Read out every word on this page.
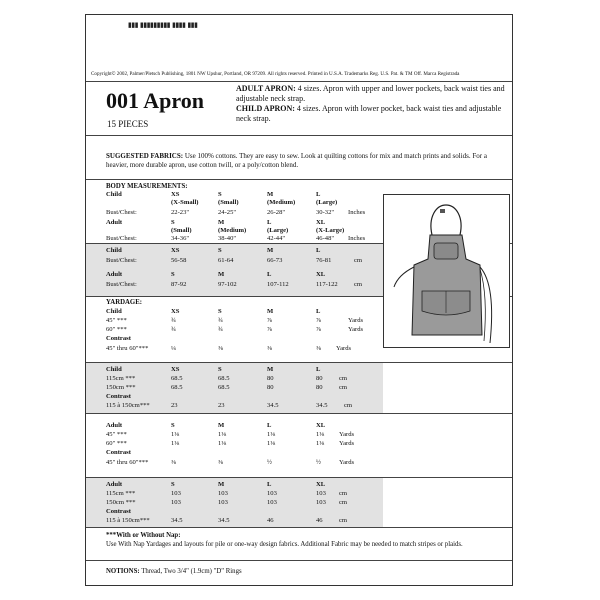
▮▮▮ ▮▮▮▮▮▮▮▮▮ ▮▮▮▮ ▮▮▮
Copyright© 2002, Palmer/Pletsch Publishing, 1801 NW Upshur, Portland, OR 97209. All rights reserved. Printed in U.S.A. Trademarks Reg. U.S. Pat. & TM Off. Marca Registrada
001 Apron
15 PIECES
ADULT APRON: 4 sizes. Apron with upper and lower pockets, back waist ties and adjustable neck strap.
CHILD APRON: 4 sizes. Apron with lower pocket, back waist ties and adjustable neck strap.
SUGGESTED FABRICS: Use 100% cottons. They are easy to sew. Look at quilting cottons for mix and match prints and solids. For a heavier, more durable apron, use cotton twill, or a poly/cotton blend.
BODY MEASUREMENTS:
Child	XS	S	M	L
(X-Small)	(Small)	(Medium)	(Large)
Bust/Chest:	22-23"	24-25"	26-28"	30-32" Inches
Adult	S	M	L	XL
(Small)	(Medium)	(Large)	(X-Large)
Bust/Chest:	34-36"	38-40"	42-44"	46-48" Inches
Child	XS	S	M	L
Bust/Chest:	56-58	61-64	66-73	76-81	cm
Adult	S	M	L	XL
Bust/Chest:	87-92	97-102	107-112	117-122 cm
YARDAGE:
Child	XS	S	M	L
45" ***	¾	¾	⅞	⅞	Yards
60" ***	¾	¾	⅞	⅞	Yards
Contrast
45" thru 60"***	¼	⅜	⅜	⅜ Yards
Child	XS	S	M	L
115cm ***	68.5	68.5	80	80 cm
150cm ***	68.5	68.5	80	80 cm
Contrast
115 à 150cm***	23	23	34.5	34.5 cm
Adult	S	M	L	XL
45" ***	1⅛	1⅛	1⅛	1⅛ Yards
60" ***	1⅛	1⅛	1⅛	1⅛ Yards
Contrast
45" thru 60"***	⅜	⅜	½	½	Yards
Adult	S	M	L	XL
115cm ***	103	103	103	103 cm
150cm ***	103	103	103	103 cm
Contrast
115 à 150cm***	34.5	34.5	46	46 cm
***With or Without Nap:
Use With Nap Yardages and layouts for pile or one-way design fabrics. Additional Fabric may be needed to match stripes or plaids.
NOTIONS: Thread, Two 3/4" (1.9cm) "D" Rings
